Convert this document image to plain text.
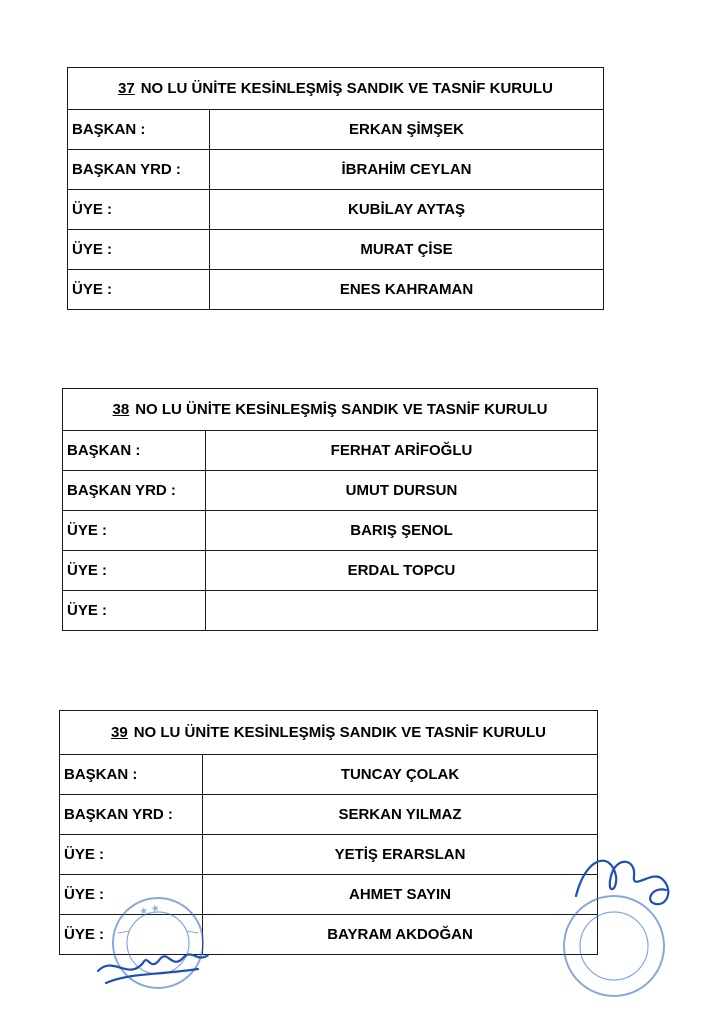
37 NO LU ÜNİTE KESİNLEŞMİŞ SANDIK VE TASNİF KURULU	
BAŞKAN :	ERKAN ŞİMŞEK
BAŞKAN YRD :	İBRAHİM CEYLAN
ÜYE :	KUBİLAY AYTAŞ
ÜYE :	MURAT ÇİSE
ÜYE :	ENES KAHRAMAN
38 NO LU ÜNİTE KESİNLEŞMİŞ SANDIK VE TASNİF KURULU	
BAŞKAN :	FERHAT ARİFOĞLU
BAŞKAN YRD :	UMUT DURSUN
ÜYE :	BARIŞ ŞENOL
ÜYE :	ERDAL TOPCU
ÜYE :	
39 NO LU ÜNİTE KESİNLEŞMİŞ SANDIK VE TASNİF KURULU	
BAŞKAN :	TUNCAY ÇOLAK
BAŞKAN YRD :	SERKAN YILMAZ
ÜYE :	YETİŞ ERARSLAN
ÜYE :	AHMET SAYIN
ÜYE :	BAYRAM AKDOĞAN
★ ★
